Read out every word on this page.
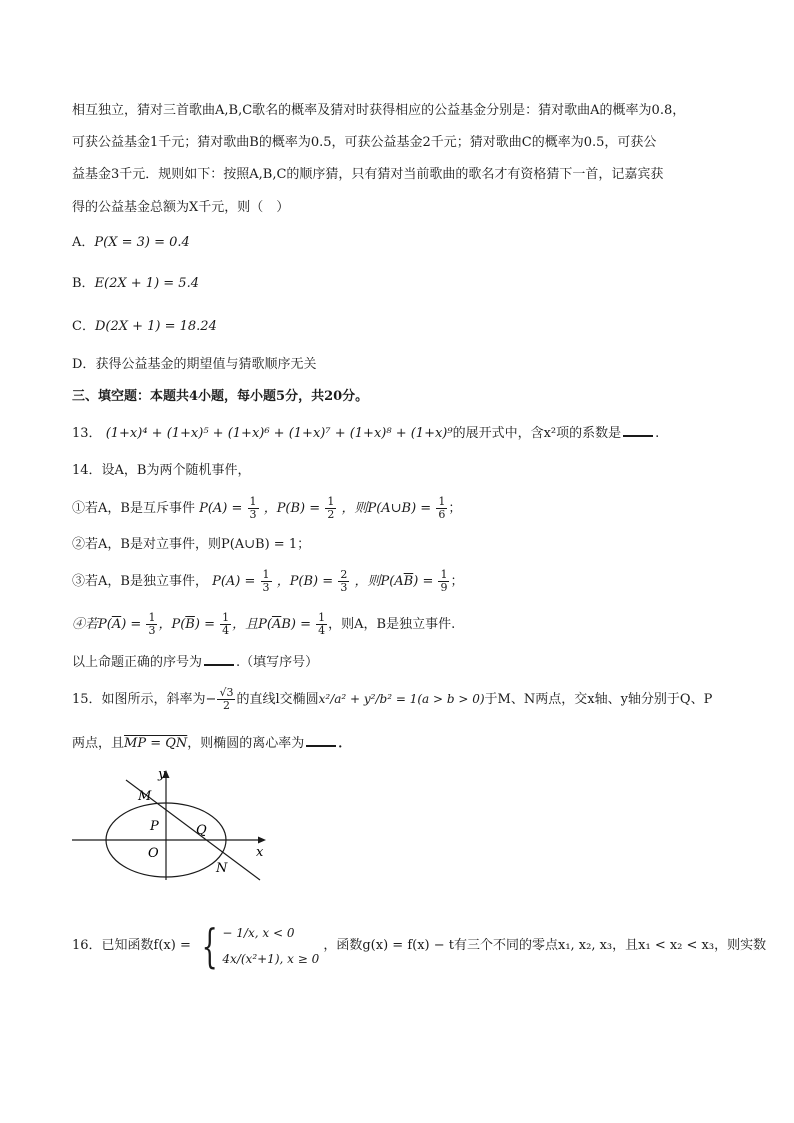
相互独立，猜对三首歌曲A,B,C歌名的概率及猜对时获得相应的公益基金分别是：猜对歌曲A的概率为0.8，
可获公益基金1千元；猜对歌曲B的概率为0.5，可获公益基金2千元；猜对歌曲C的概率为0.5，可获公
益基金3千元．规则如下：按照A,B,C的顺序猜，只有猜对当前歌曲的歌名才有资格猜下一首，记嘉宾获
得的公益基金总额为X千元，则（　）
A．P(X = 3) = 0.4
B．E(2X + 1) = 5.4
C．D(2X + 1) = 18.24
D．获得公益基金的期望值与猜歌顺序无关
三、填空题：本题共4小题，每小题5分，共20分。
13． (1+x)⁴ + (1+x)⁵ + (1+x)⁶ + (1+x)⁷ + (1+x)⁸ + (1+x)⁹的展开式中，含x²项的系数是	.
14．设A，B为两个随机事件，
①若A，B是互斥事件 $P(A) = \frac{1}{3}$ ，$P(B) = \frac{1}{2}$ ，则P(A∪B) = $\frac{1}{6}$ ；
②若A，B是对立事件，则P(A∪B) = 1；
③若A，B是独立事件， $P(A) = \frac{1}{3}$ ，$P(B) = \frac{2}{3}$ ，则$P(A\overline{B}) = \frac{1}{9}$ ；
④若$P(\overline{A}) = \frac{1}{3}$ ，$P(\overline{B}) = \frac{1}{4}$ ，且$P(\overline{A}B) = \frac{1}{4}$ ，则A，B是独立事件.
以上命题正确的序号为	.（填写序号）
15．如图所示，斜率为− $\frac{√3}{2}$ 的直线l交椭圆x²/a² + y²/b² = 1(a > b > 0)于M、N两点，交x轴、y轴分别于Q、P
两点，且MP = QN，则椭圆的离心率为	．
y
x
M
P	Q
O
N
16．已知函数f(x) = { − 1/x, x < 0
4x/(x²+1), x ≥ 0
，函数g(x) = f(x) − t有三个不同的零点x₁, x₂, x₃，且x₁ < x₂ < x₃，则实数
